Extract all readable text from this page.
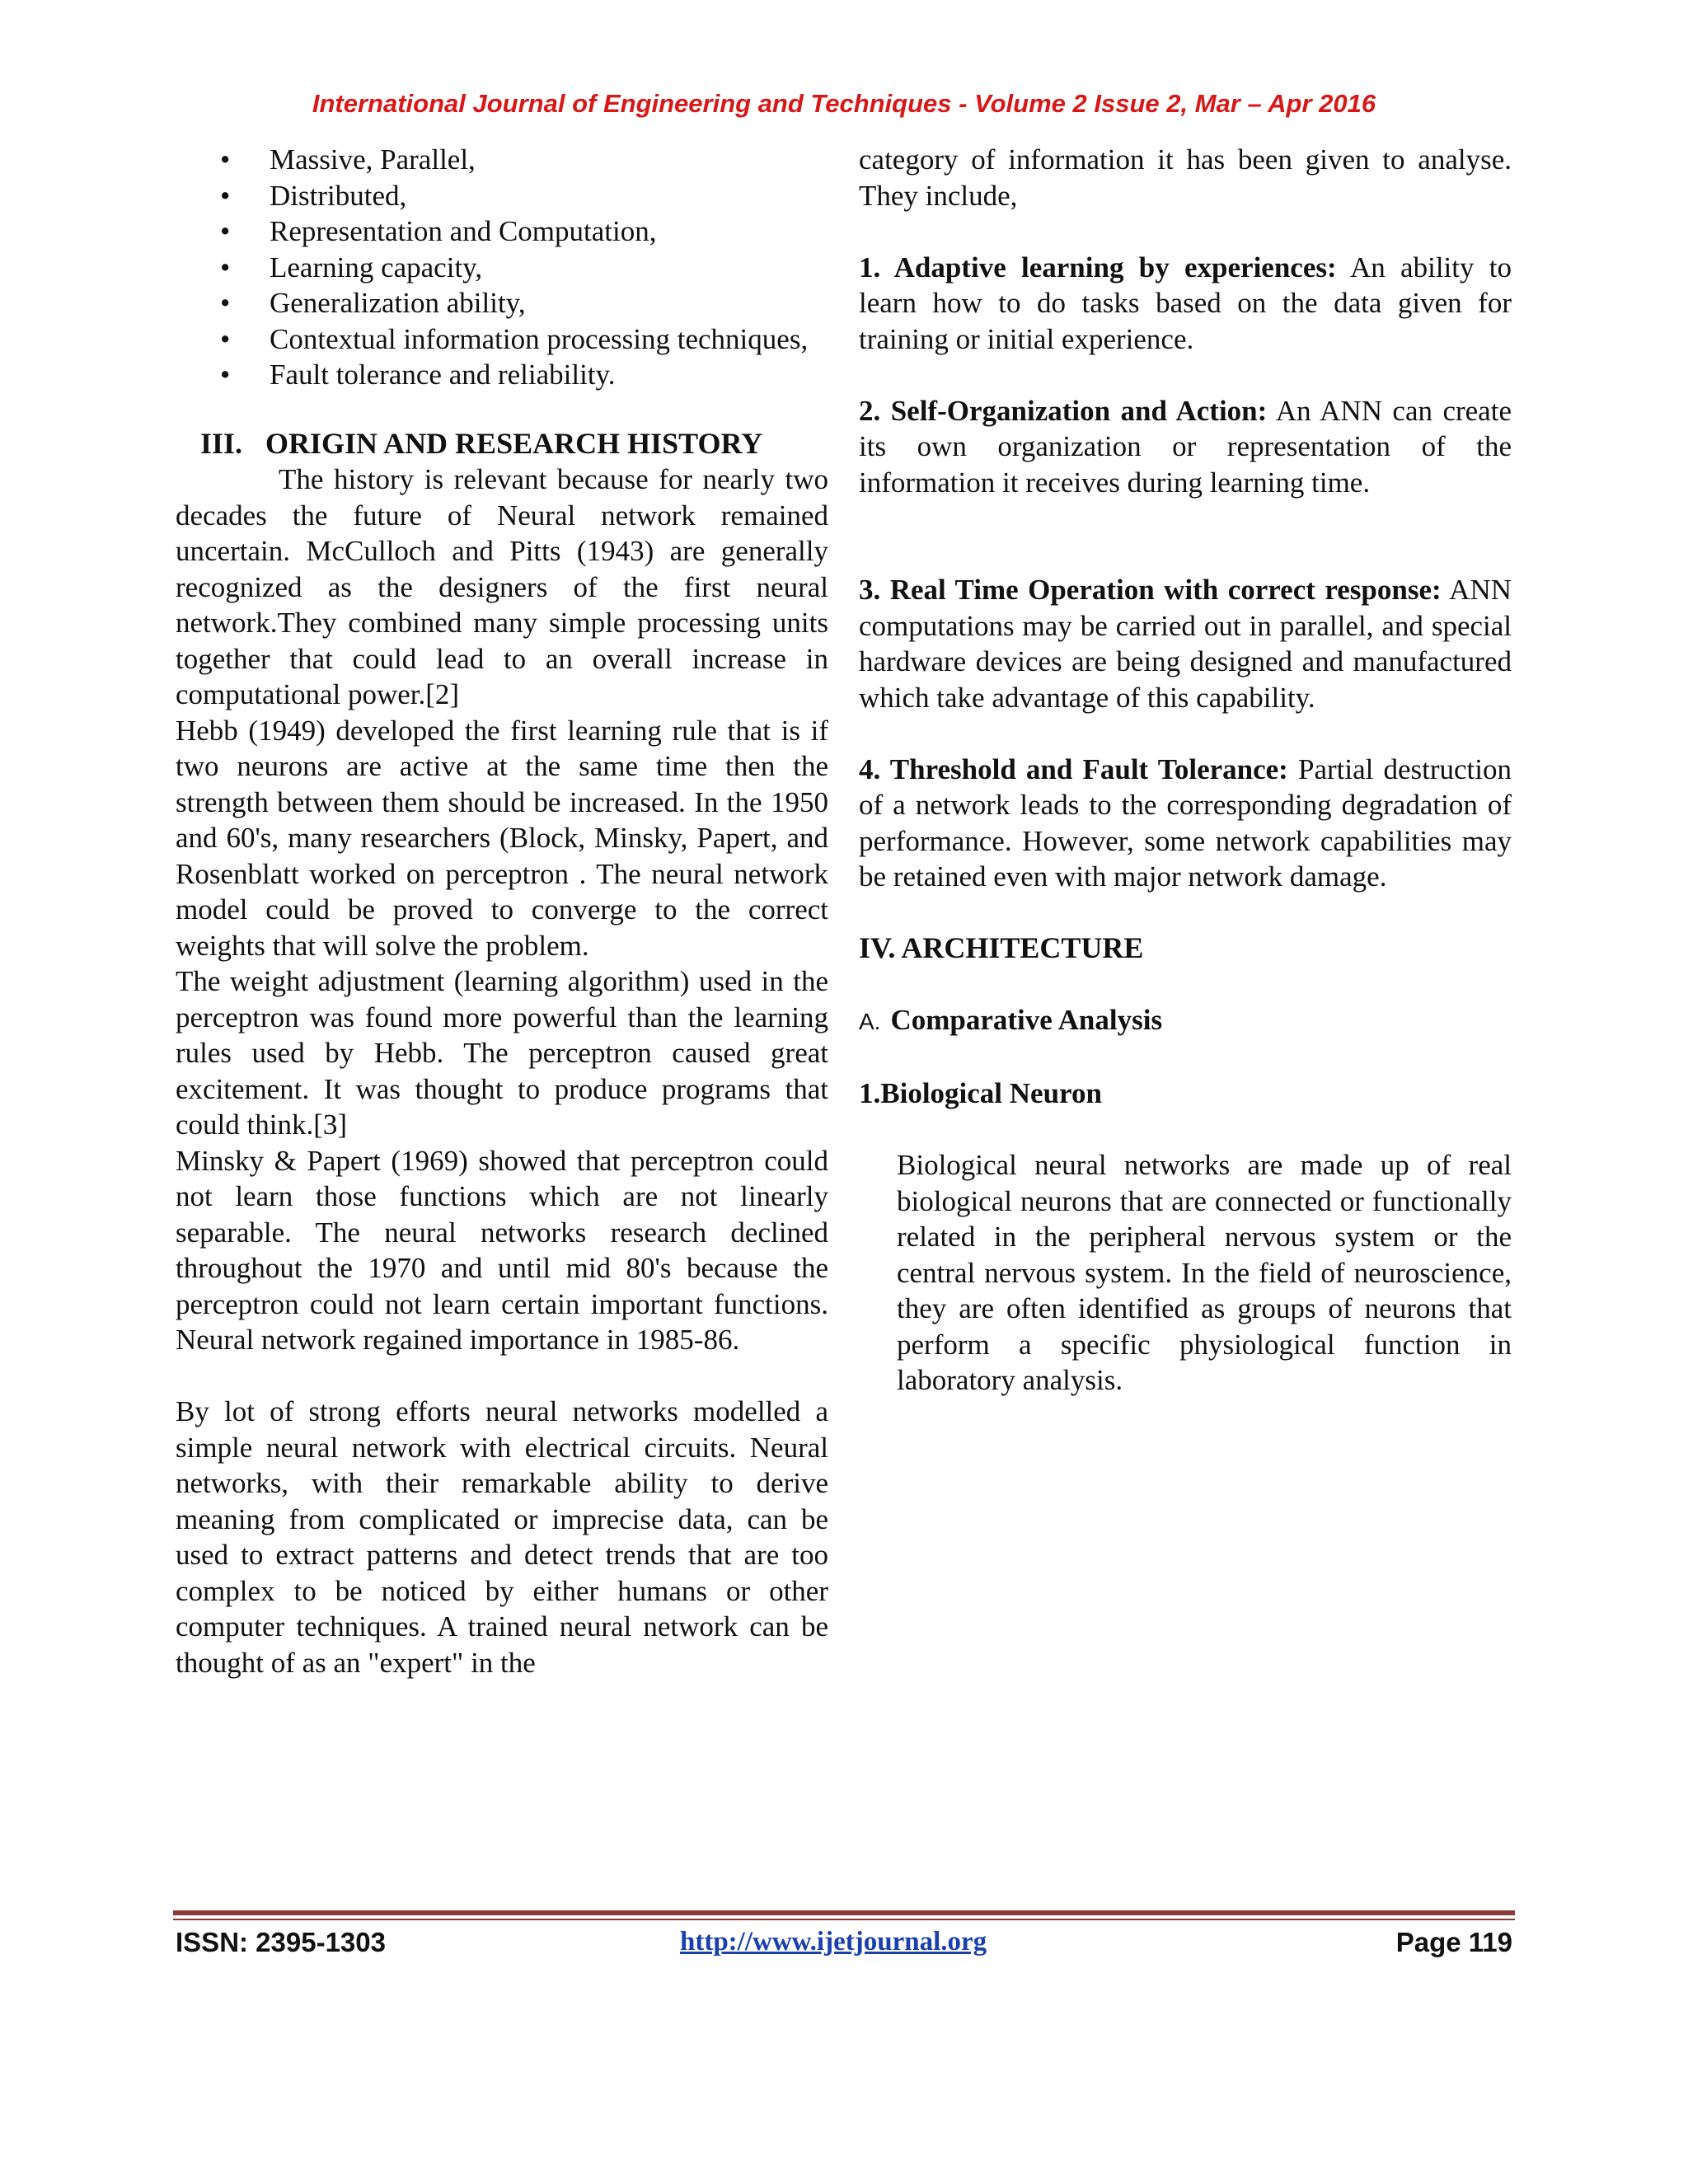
International Journal of Engineering and Techniques - Volume 2 Issue 2, Mar – Apr 2016
• Massive, Parallel,
• Distributed,
• Representation and Computation,
• Learning capacity,
• Generalization ability,
• Contextual information processing techniques,
• Fault tolerance and reliability.
III. ORIGIN AND RESEARCH HISTORY

The history is relevant because for nearly two decades the future of Neural network remained uncertain. McCulloch and Pitts (1943) are generally recognized as the designers of the first neural network.They combined many simple processing units together that could lead to an overall increase in computational power.[2]

Hebb (1949) developed the first learning rule that is if two neurons are active at the same time then the strength between them should be increased. In the 1950 and 60's, many researchers (Block, Minsky, Papert, and Rosenblatt worked on perceptron . The neural network model could be proved to converge to the correct weights that will solve the problem.

The weight adjustment (learning algorithm) used in the perceptron was found more powerful than the learning rules used by Hebb. The perceptron caused great excitement. It was thought to produce programs that could think.[3]

Minsky & Papert (1969) showed that perceptron could not learn those functions which are not linearly separable. The neural networks research declined throughout the 1970 and until mid 80's because the perceptron could not learn certain important functions. Neural network regained importance in 1985-86.

By lot of strong efforts neural networks modelled a simple neural network with electrical circuits. Neural networks, with their remarkable ability to derive meaning from complicated or imprecise data, can be used to extract patterns and detect trends that are too complex to be noticed by either humans or other computer techniques. A trained neural network can be thought of as an "expert" in the

category of information it has been given to analyse. They include,

1. Adaptive learning by experiences: An ability to learn how to do tasks based on the data given for training or initial experience.

2. Self-Organization and Action: An ANN can create its own organization or representation of the information it receives during learning time.

3. Real Time Operation with correct response: ANN computations may be carried out in parallel, and special hardware devices are being designed and manufactured which take advantage of this capability.

4. Threshold and Fault Tolerance: Partial destruction of a network leads to the corresponding degradation of performance. However, some network capabilities may be retained even with major network damage.

IV. ARCHITECTURE
A. Comparative Analysis
1.Biological Neuron

Biological neural networks are made up of real biological neurons that are connected or functionally related in the peripheral nervous system or the central nervous system. In the field of neuroscience, they are often identified as groups of neurons that perform a specific physiological function in laboratory analysis.

ISSN: 2395-1303	http://www.ijetjournal.org	Page 119
